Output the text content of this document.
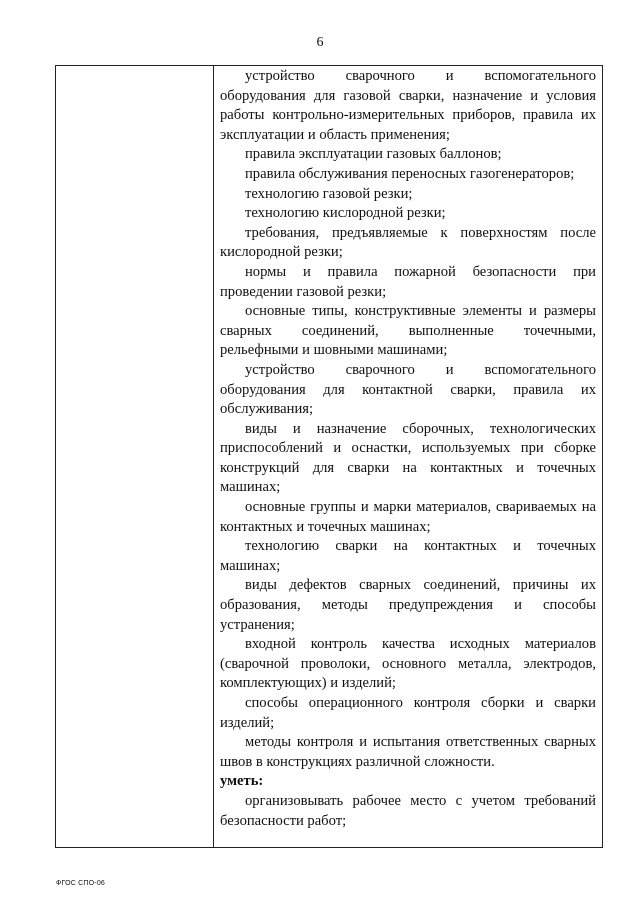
6

устройство сварочного и вспомогательного оборудования для газовой сварки, назначение и условия работы контрольно-измерительных приборов, правила их эксплуатации и область применения;

правила эксплуатации газовых баллонов;

правила обслуживания переносных газогенераторов;

технологию газовой резки;

технологию кислородной резки;

требования, предъявляемые к поверхностям после кислородной резки;

нормы и правила пожарной безопасности при проведении газовой резки;

основные типы, конструктивные элементы и размеры сварных соединений, выполненные точечными, рельефными и шовными машинами;

устройство сварочного и вспомогательного оборудования для контактной сварки, правила их обслуживания;

виды и назначение сборочных, технологических приспособлений и оснастки, используемых при сборке конструкций для сварки на контактных и точечных машинах;

основные группы и марки материалов, свариваемых на контактных и точечных машинах;

технологию сварки на контактных и точечных машинах;

виды дефектов сварных соединений, причины их образования, методы предупреждения и способы устранения;

входной контроль качества исходных материалов (сварочной проволоки, основного металла, электродов, комплектующих) и изделий;

способы операционного контроля сборки и сварки изделий;

методы контроля и испытания ответственных сварных швов в конструкциях различной сложности.

уметь:

организовывать рабочее место с учетом требований безопасности работ;

ФГОС СПО-06
